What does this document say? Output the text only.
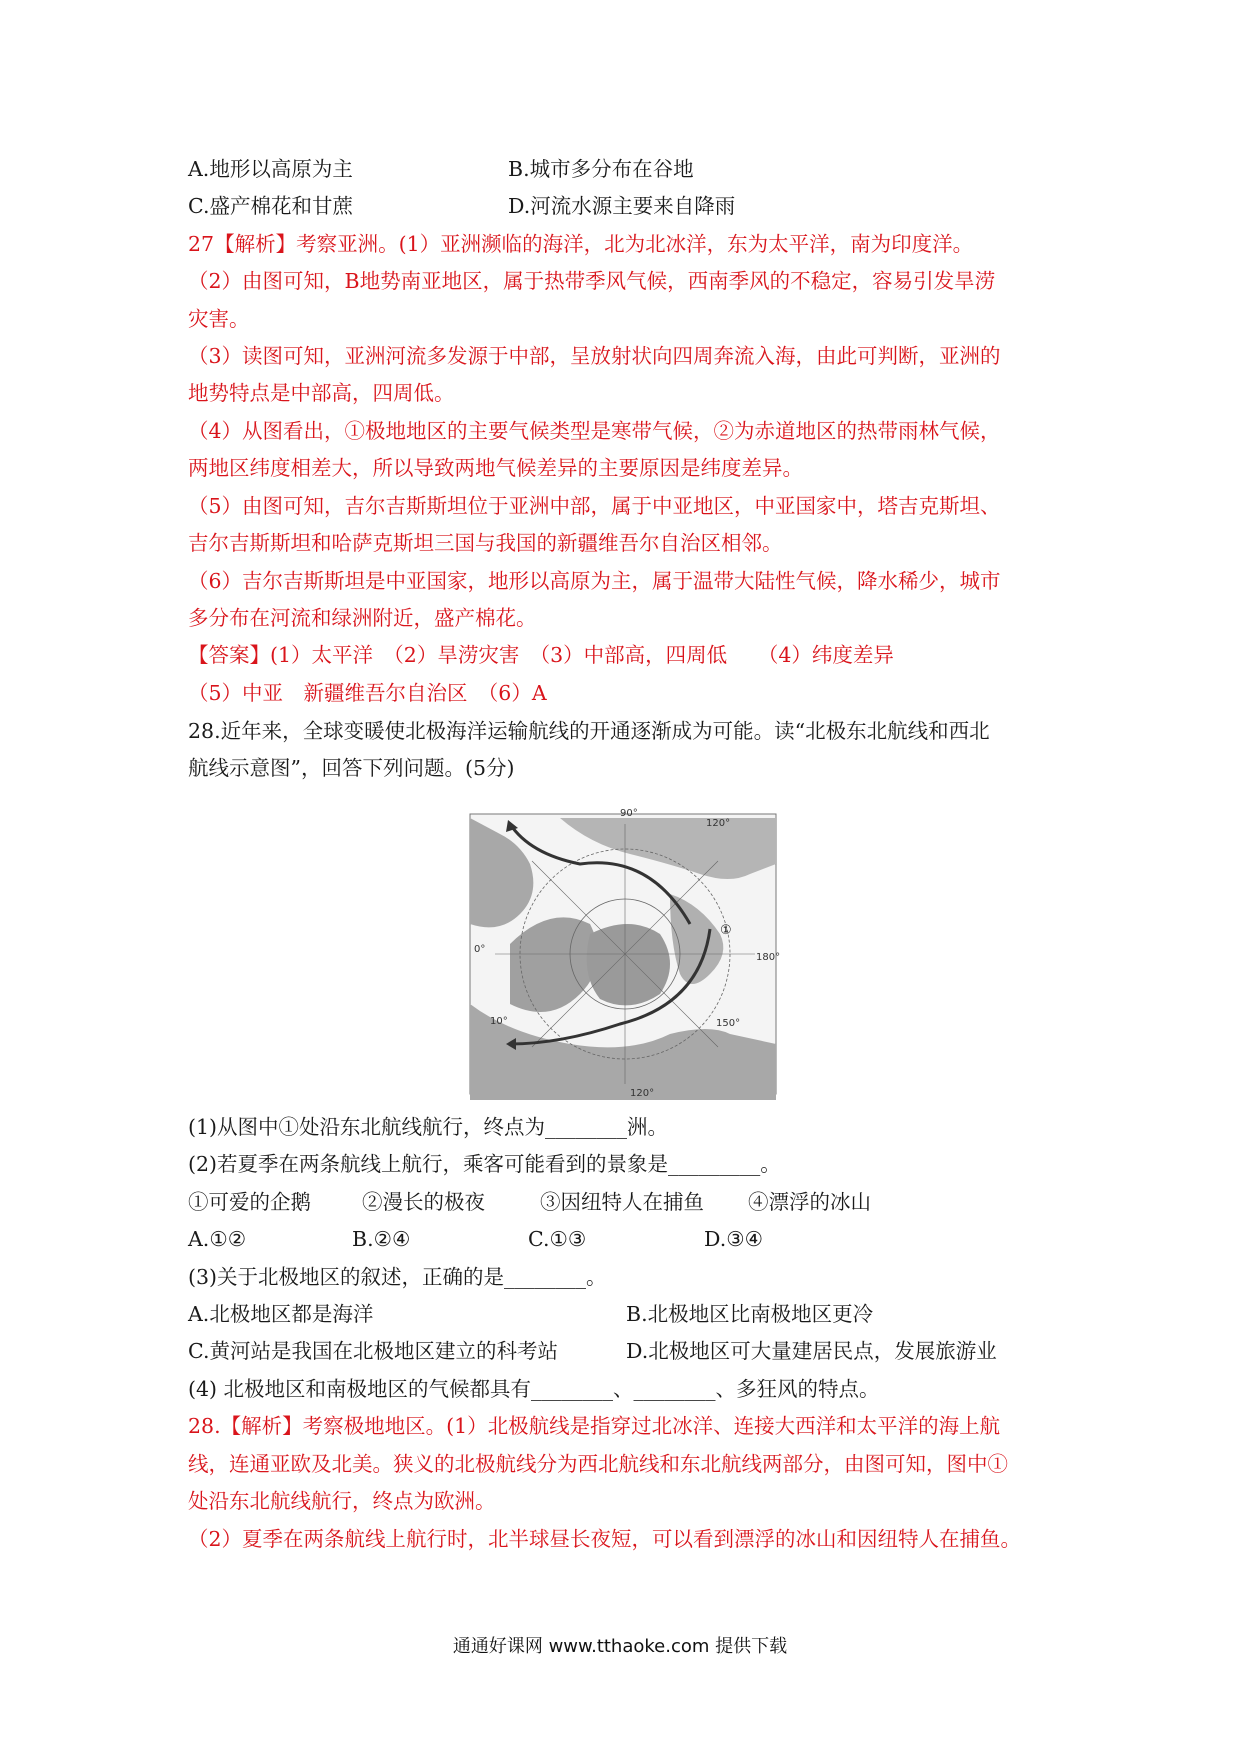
A.地形以高原为主	B.城市多分布在谷地
C.盛产棉花和甘蔗	D.河流水源主要来自降雨
27【解析】考察亚洲。(1）亚洲濒临的海洋，北为北冰洋，东为太平洋，南为印度洋。
（2）由图可知，B地势南亚地区，属于热带季风气候，西南季风的不稳定，容易引发旱涝
灾害。
（3）读图可知，亚洲河流多发源于中部，呈放射状向四周奔流入海，由此可判断，亚洲的
地势特点是中部高，四周低。
（4）从图看出，①极地地区的主要气候类型是寒带气候，②为赤道地区的热带雨林气候，
两地区纬度相差大，所以导致两地气候差异的主要原因是纬度差异。
（5）由图可知，吉尔吉斯斯坦位于亚洲中部，属于中亚地区，中亚国家中，塔吉克斯坦、
吉尔吉斯斯坦和哈萨克斯坦三国与我国的新疆维吾尔自治区相邻。
（6）吉尔吉斯斯坦是中亚国家，地形以高原为主，属于温带大陆性气候，降水稀少，城市
多分布在河流和绿洲附近，盛产棉花。
【答案】(1）太平洋　（2）旱涝灾害　（3）中部高，四周低　　（4）纬度差异
（5）中亚　新疆维吾尔自治区　（6）A
28.近年来，全球变暖使北极海洋运输航线的开通逐渐成为可能。读“北极东北航线和西北
航线示意图”，回答下列问题。(5分)
90°
120°
180°
0°
10°	150°
120°
①
(1)从图中①处沿东北航线航行，终点为________洲。
(2)若夏季在两条航线上航行，乘客可能看到的景象是_________。
①可爱的企鹅 ②漫长的极夜	③因纽特人在捕鱼 ④漂浮的冰山
A.①②	B.②④	C.①③	D.③④
(3)关于北极地区的叙述，正确的是________。
A.北极地区都是海洋	B.北极地区比南极地区更冷
C.黄河站是我国在北极地区建立的科考站	D.北极地区可大量建居民点，发展旅游业
(4) 北极地区和南极地区的气候都具有________、________、多狂风的特点。
28.【解析】考察极地地区。(1）北极航线是指穿过北冰洋、连接大西洋和太平洋的海上航
线，连通亚欧及北美。狭义的北极航线分为西北航线和东北航线两部分，由图可知，图中①
处沿东北航线航行，终点为欧洲。
（2）夏季在两条航线上航行时，北半球昼长夜短，可以看到漂浮的冰山和因纽特人在捕鱼。
通通好课网 www.tthaoke.com 提供下载
